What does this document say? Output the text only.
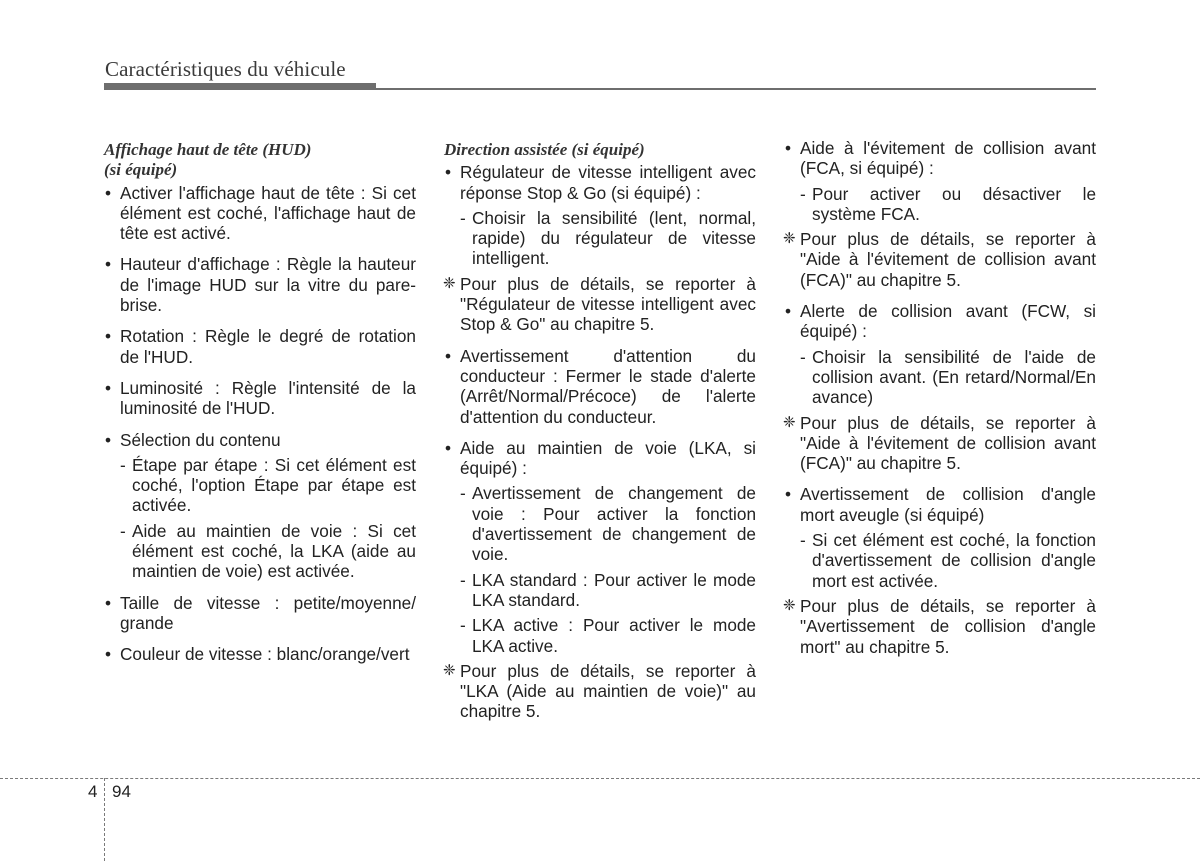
Caractéristiques du véhicule
Affichage haut de tête (HUD)
(si équipé)
• Activer l'affichage haut de tête : Si cet élément est coché, l'affichage haut de tête est activé.
• Hauteur d'affichage : Règle la hauteur de l'image HUD sur la vitre du pare-brise.
• Rotation : Règle le degré de rotation de l'HUD.
• Luminosité : Règle l'intensité de la luminosité de l'HUD.
• Sélection du contenu
- Étape par étape : Si cet élément est coché, l'option Étape par étape est activée.
- Aide au maintien de voie : Si cet élément est coché, la LKA (aide au maintien de voie) est activée.
• Taille de vitesse : petite/moyenne/ grande
• Couleur de vitesse : blanc/orange/vert
Direction assistée (si équipé)
• Régulateur de vitesse intelligent avec réponse Stop & Go (si équipé) :
- Choisir la sensibilité (lent, normal, rapide) du régulateur de vitesse intelligent.
❈ Pour plus de détails, se reporter à "Régulateur de vitesse intelligent avec Stop & Go" au chapitre 5.
• Avertissement d'attention du conducteur : Fermer le stade d'alerte (Arrêt/Normal/Précoce) de l'alerte d'attention du conducteur.
• Aide au maintien de voie (LKA, si équipé) :
- Avertissement de changement de voie : Pour activer la fonction d'avertissement de changement de voie.
- LKA standard : Pour activer le mode LKA standard.
- LKA active : Pour activer le mode LKA active.
❈ Pour plus de détails, se reporter à "LKA (Aide au maintien de voie)" au chapitre 5.
• Aide à l'évitement de collision avant (FCA, si équipé) :
- Pour activer ou désactiver le système FCA.
❈ Pour plus de détails, se reporter à "Aide à l'évitement de collision avant (FCA)" au chapitre 5.
• Alerte de collision avant (FCW, si équipé) :
- Choisir la sensibilité de l'aide de collision avant. (En retard/Normal/En avance)
❈ Pour plus de détails, se reporter à "Aide à l'évitement de collision avant (FCA)" au chapitre 5.
• Avertissement de collision d'angle mort aveugle (si équipé)
- Si cet élément est coché, la fonction d'avertissement de collision d'angle mort est activée.
❈ Pour plus de détails, se reporter à "Avertissement de collision d'angle mort" au chapitre 5.
4 94
